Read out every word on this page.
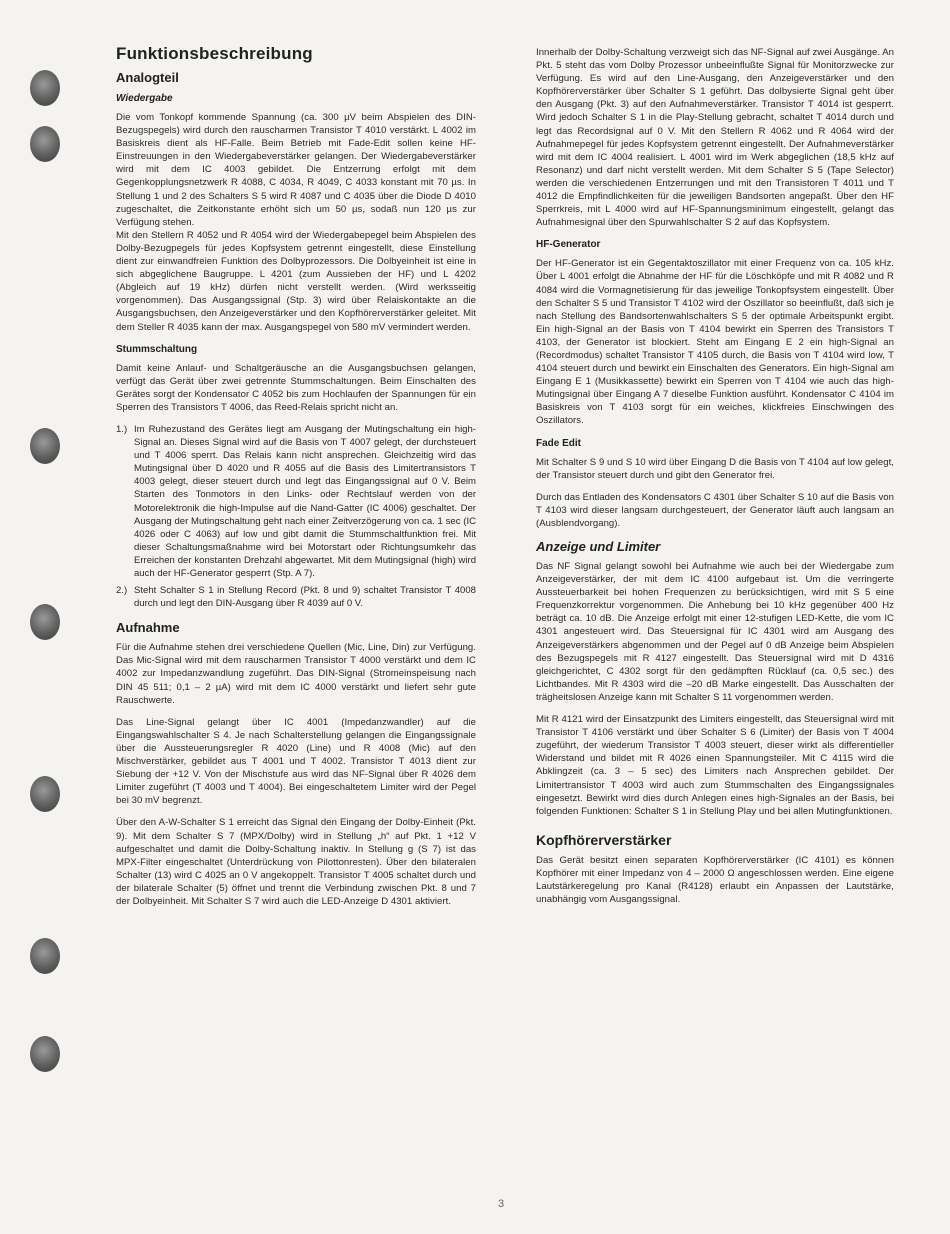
Funktionsbeschreibung
Analogteil
Wiedergabe

Die vom Tonkopf kommende Spannung (ca. 300 µV beim Abspielen des DIN-Bezugspegels) wird durch den rauscharmen Transistor T 4010 verstärkt. L 4002 im Basiskreis dient als HF-Falle. Beim Betrieb mit Fade-Edit sollen keine HF-Einstreuungen in den Wiedergabeverstärker gelangen. Der Wiedergabeverstärker wird mit dem IC 4003 gebildet. Die Entzerrung erfolgt mit dem Gegenkopplungsnetzwerk R 4088, C 4034, R 4049, C 4033 konstant mit 70 µs. In Stellung 1 und 2 des Schalters S 5 wird R 4087 und C 4035 über die Diode D 4010 zugeschaltet, die Zeitkonstante erhöht sich um 50 µs, sodaß nun 120 µs zur Verfügung stehen.

Mit den Stellern R 4052 und R 4054 wird der Wiedergabepegel beim Abspielen des Dolby-Bezugpegels für jedes Kopfsystem getrennt eingestellt, diese Einstellung dient zur einwandfreien Funktion des Dolbyprozessors. Die Dolbyeinheit ist eine in sich abgeglichene Baugruppe. L 4201 (zum Aussieben der HF) und L 4202 (Abgleich auf 19 kHz) dürfen nicht verstellt werden. (Wird werksseitig vorgenommen). Das Ausgangssignal (Stp. 3) wird über Relaiskontakte an die Ausgangsbuchsen, den Anzeigeverstärker und den Kopfhörerverstärker geleitet. Mit dem Steller R 4035 kann der max. Ausgangspegel von 580 mV vermindert werden.

Stummschaltung

Damit keine Anlauf- und Schaltgeräusche an die Ausgangsbuchsen gelangen, verfügt das Gerät über zwei getrennte Stummschaltungen. Beim Einschalten des Gerätes sorgt der Kondensator C 4052 bis zum Hochlaufen der Spannungen für ein Sperren des Transistors T 4006, das Reed-Relais spricht nicht an.

1.) Im Ruhezustand des Gerätes liegt am Ausgang der Mutingschaltung ein high-Signal an. Dieses Signal wird auf die Basis von T 4007 gelegt, der durchsteuert und T 4006 sperrt. Das Relais kann nicht ansprechen. Gleichzeitig wird das Mutingsignal über D 4020 und R 4055 auf die Basis des Limitertransistors T 4003 gelegt, dieser steuert durch und legt das Eingangssignal auf 0 V. Beim Starten des Tonmotors in den Links- oder Rechtslauf werden von der Motorelektronik die high-Impulse auf die Nand-Gatter (IC 4006) geschaltet. Der Ausgang der Mutingschaltung geht nach einer Zeitverzögerung von ca. 1 sec (IC 4026 oder C 4063) auf low und gibt damit die Stummschaltfunktion frei. Mit dieser Schaltungsmaßnahme wird bei Motorstart oder Richtungsumkehr das Erreichen der konstanten Drehzahl abgewartet. Mit dem Mutingsignal (high) wird auch der HF-Generator gesperrt (Stp. A 7).
2.) Steht Schalter S 1 in Stellung Record (Pkt. 8 und 9) schaltet Transistor T 4008 durch und legt den DIN-Ausgang über R 4039 auf 0 V.
Aufnahme

Für die Aufnahme stehen drei verschiedene Quellen (Mic, Line, Din) zur Verfügung. Das Mic-Signal wird mit dem rauscharmen Transistor T 4000 verstärkt und dem IC 4002 zur Impedanzwandlung zugeführt. Das DIN-Signal (Stromeinspeisung nach DIN 45 511; 0,1 – 2 µA) wird mit dem IC 4000 verstärkt und liefert sehr gute Rauschwerte.

Das Line-Signal gelangt über IC 4001 (Impedanzwandler) auf die Eingangswahlschalter S 4. Je nach Schalterstellung gelangen die Eingangssignale über die Aussteuerungsregler R 4020 (Line) und R 4008 (Mic) auf den Mischverstärker, gebildet aus T 4001 und T 4002. Transistor T 4013 dient zur Siebung der +12 V. Von der Mischstufe aus wird das NF-Signal über R 4026 dem Limiter zugeführt (T 4003 und T 4004). Bei eingeschaltetem Limiter wird der Pegel bei 30 mV begrenzt.

Über den A-W-Schalter S 1 erreicht das Signal den Eingang der Dolby-Einheit (Pkt. 9). Mit dem Schalter S 7 (MPX/Dolby) wird in Stellung „h“ auf Pkt. 1 +12 V aufgeschaltet und damit die Dolby-Schaltung inaktiv. In Stellung g (S 7) ist das MPX-Filter eingeschaltet (Unterdrückung von Pilottonresten). Über den bilateralen Schalter (13) wird C 4025 an 0 V angekoppelt. Transistor T 4005 schaltet durch und der bilaterale Schalter (5) öffnet und trennt die Verbindung zwischen Pkt. 8 und 7 der Dolbyeinheit. Mit Schalter S 7 wird auch die LED-Anzeige D 4301 aktiviert.

Innerhalb der Dolby-Schaltung verzweigt sich das NF-Signal auf zwei Ausgänge. An Pkt. 5 steht das vom Dolby Prozessor unbeeinflußte Signal für Monitorzwecke zur Verfügung. Es wird auf den Line-Ausgang, den Anzeigeverstärker und den Kopfhörerverstärker über Schalter S 1 geführt. Das dolbysierte Signal geht über den Ausgang (Pkt. 3) auf den Aufnahmeverstärker. Transistor T 4014 ist gesperrt. Wird jedoch Schalter S 1 in die Play-Stellung gebracht, schaltet T 4014 durch und legt das Recordsignal auf 0 V. Mit den Stellern R 4062 und R 4064 wird der Aufnahmepegel für jedes Kopfsystem getrennt eingestellt. Der Aufnahmeverstärker wird mit dem IC 4004 realisiert. L 4001 wird im Werk abgeglichen (18,5 kHz auf Resonanz) und darf nicht verstellt werden. Mit dem Schalter S 5 (Tape Selector) werden die verschiedenen Entzerrungen und mit den Transistoren T 4011 und T 4012 die Empfindlichkeiten für die jeweiligen Bandsorten angepaßt. Über den HF Sperrkreis, mit L 4000 wird auf HF-Spannungsminimum eingestellt, gelangt das Aufnahmesignal über den Spurwahlschalter S 2 auf das Kopfsystem.

HF-Generator

Der HF-Generator ist ein Gegentaktoszillator mit einer Frequenz von ca. 105 kHz. Über L 4001 erfolgt die Abnahme der HF für die Löschköpfe und mit R 4082 und R 4084 wird die Vormagnetisierung für das jeweilige Tonkopfsystem eingestellt. Über den Schalter S 5 und Transistor T 4102 wird der Oszillator so beeinflußt, daß sich je nach Stellung des Bandsortenwahlschalters S 5 der optimale Arbeitspunkt ergibt. Ein high-Signal an der Basis von T 4104 bewirkt ein Sperren des Transistors T 4103, der Generator ist blockiert. Steht am Eingang E 2 ein high-Signal an (Recordmodus) schaltet Transistor T 4105 durch, die Basis von T 4104 wird low, T 4104 steuert durch und bewirkt ein Einschalten des Generators. Ein high-Signal am Eingang E 1 (Musikkassette) bewirkt ein Sperren von T 4104 wie auch das high-Mutingsignal über Eingang A 7 dieselbe Funktion ausführt. Kondensator C 4104 im Basiskreis von T 4103 sorgt für ein weiches, klickfreies Einschwingen des Oszillators.

Fade Edit

Mit Schalter S 9 und S 10 wird über Eingang D die Basis von T 4104 auf low gelegt, der Transistor steuert durch und gibt den Generator frei.

Durch das Entladen des Kondensators C 4301 über Schalter S 10 auf die Basis von T 4103 wird dieser langsam durchgesteuert, der Generator läuft auch langsam an (Ausblendvorgang).

Anzeige und Limiter

Das NF Signal gelangt sowohl bei Aufnahme wie auch bei der Wiedergabe zum Anzeigeverstärker, der mit dem IC 4100 aufgebaut ist. Um die verringerte Aussteuerbarkeit bei hohen Frequenzen zu berücksichtigen, wird mit S 5 eine Frequenzkorrektur vorgenommen. Die Anhebung bei 10 kHz gegenüber 400 Hz beträgt ca. 10 dB. Die Anzeige erfolgt mit einer 12-stufigen LED-Kette, die vom IC 4301 angesteuert wird. Das Steuersignal für IC 4301 wird am Ausgang des Anzeigeverstärkers abgenommen und der Pegel auf 0 dB Anzeige beim Abspielen des Bezugspegels mit R 4127 eingestellt. Das Steuersignal wird mit D 4316 gleichgerichtet, C 4302 sorgt für den gedämpften Rücklauf (ca. 0,5 sec.) des Lichtbandes. Mit R 4303 wird die –20 dB Marke eingestellt. Das Ausschalten der trägheitslosen Anzeige kann mit Schalter S 11 vorgenommen werden.

Mit R 4121 wird der Einsatzpunkt des Limiters eingestellt, das Steuersignal wird mit Transistor T 4106 verstärkt und über Schalter S 6 (Limiter) der Basis von T 4004 zugeführt, der wiederum Transistor T 4003 steuert, dieser wirkt als differentieller Widerstand und bildet mit R 4026 einen Spannungsteiler. Mit C 4115 wird die Abklingzeit (ca. 3 – 5 sec) des Limiters nach Ansprechen gebildet. Der Limitertransistor T 4003 wird auch zum Stummschalten des Eingangssignales eingesetzt. Bewirkt wird dies durch Anlegen eines high-Signales an der Basis, bei folgenden Funktionen: Schalter S 1 in Stellung Play und bei allen Mutingfunktionen.

Kopfhörerverstärker

Das Gerät besitzt einen separaten Kopfhörerverstärker (IC 4101) es können Kopfhörer mit einer Impedanz von 4 – 2000 Ω angeschlossen werden. Eine eigene Lautstärkeregelung pro Kanal (R4128) erlaubt ein Anpassen der Lautstärke, unabhängig vom Ausgangssignal.

3
